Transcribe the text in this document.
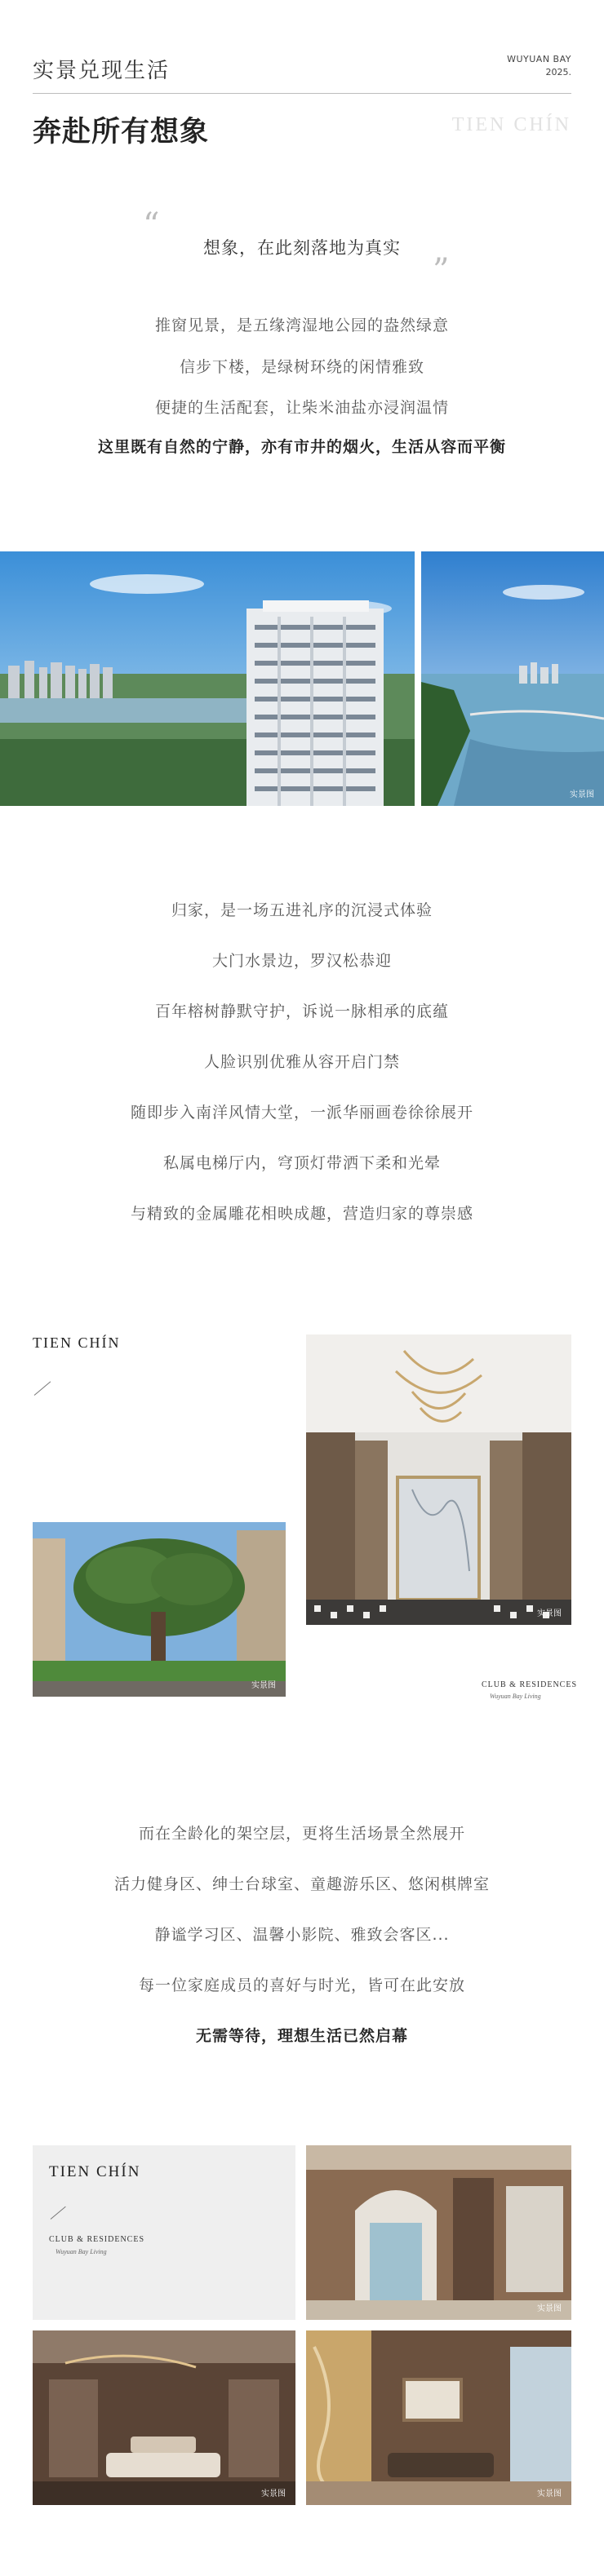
实景兑现生活	WUYUAN BAY
2025.
奔赴所有想象	TIEN CHÍN
“
想象，在此刻落地为真实
”
推窗见景，是五缘湾湿地公园的盎然绿意
信步下楼，是绿树环绕的闲情雅致
便捷的生活配套，让柴米油盐亦浸润温情
这里既有自然的宁静，亦有市井的烟火，生活从容而平衡
实景图
归家，是一场五进礼序的沉浸式体验
大门水景边，罗汉松恭迎
百年榕树静默守护，诉说一脉相承的底蕴
人脸识别优雅从容开启门禁
随即步入南洋风情大堂，一派华丽画卷徐徐展开
私属电梯厅内，穹顶灯带洒下柔和光晕
与精致的金属雕花相映成趣，营造归家的尊崇感
TIEN CHÍN
实景图
实景图	CLUB & RESIDENCES
Wuyuan Bay Living
而在全龄化的架空层，更将生活场景全然展开
活力健身区、绅士台球室、童趣游乐区、悠闲棋牌室
静谧学习区、温馨小影院、雅致会客区...
每一位家庭成员的喜好与时光，皆可在此安放
无需等待，理想生活已然启幕
TIEN CHÍN
CLUB & RESIDENCES
Wuyuan Bay Living
实景图
实景图	实景图
搜狐号@搜狐焦点厦门站
